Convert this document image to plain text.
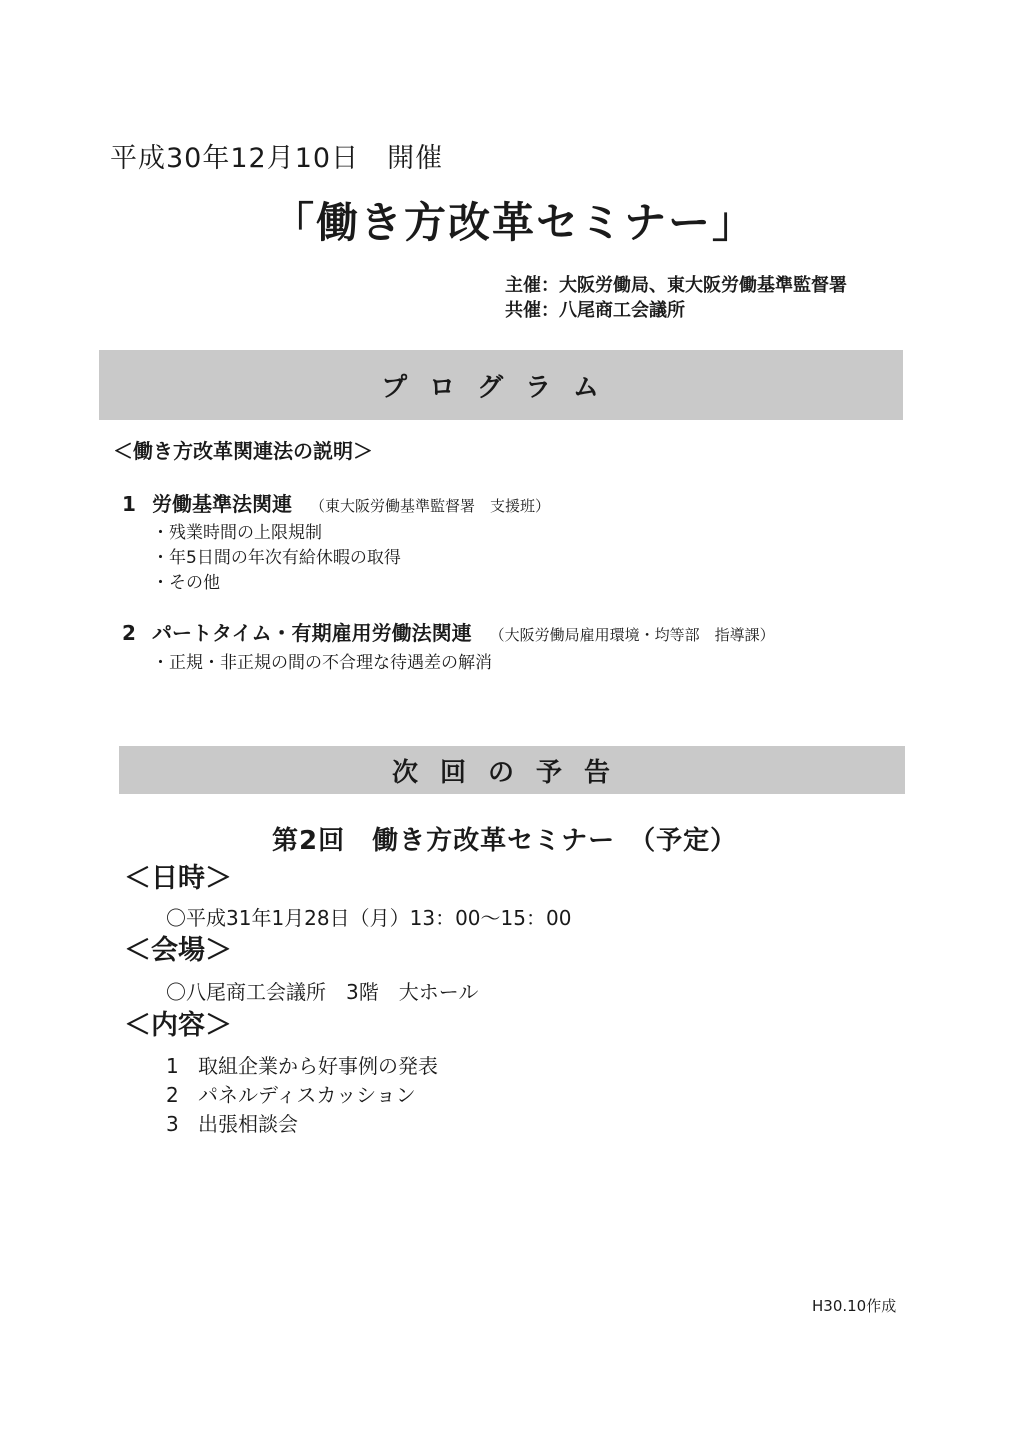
平成30年12月10日　開催
「働き方改革セミナー」
主催：大阪労働局、東大阪労働基準監督署
共催：八尾商工会議所
プログラム
＜働き方改革関連法の説明＞
1 労働基準法関連 （東大阪労働基準監督署　支援班）
・残業時間の上限規制
・年5日間の年次有給休暇の取得
・その他
2 パートタイム・有期雇用労働法関連 （大阪労働局雇用環境・均等部　指導課）
・正規・非正規の間の不合理な待遇差の解消
次回の予告
第2回　働き方改革セミナー　（予定）
＜日時＞
〇平成31年1月28日（月）13：00～15：00
＜会場＞
〇八尾商工会議所　3階　大ホール
＜内容＞
1 取組企業から好事例の発表
2 パネルディスカッション
3 出張相談会
H30.10作成
